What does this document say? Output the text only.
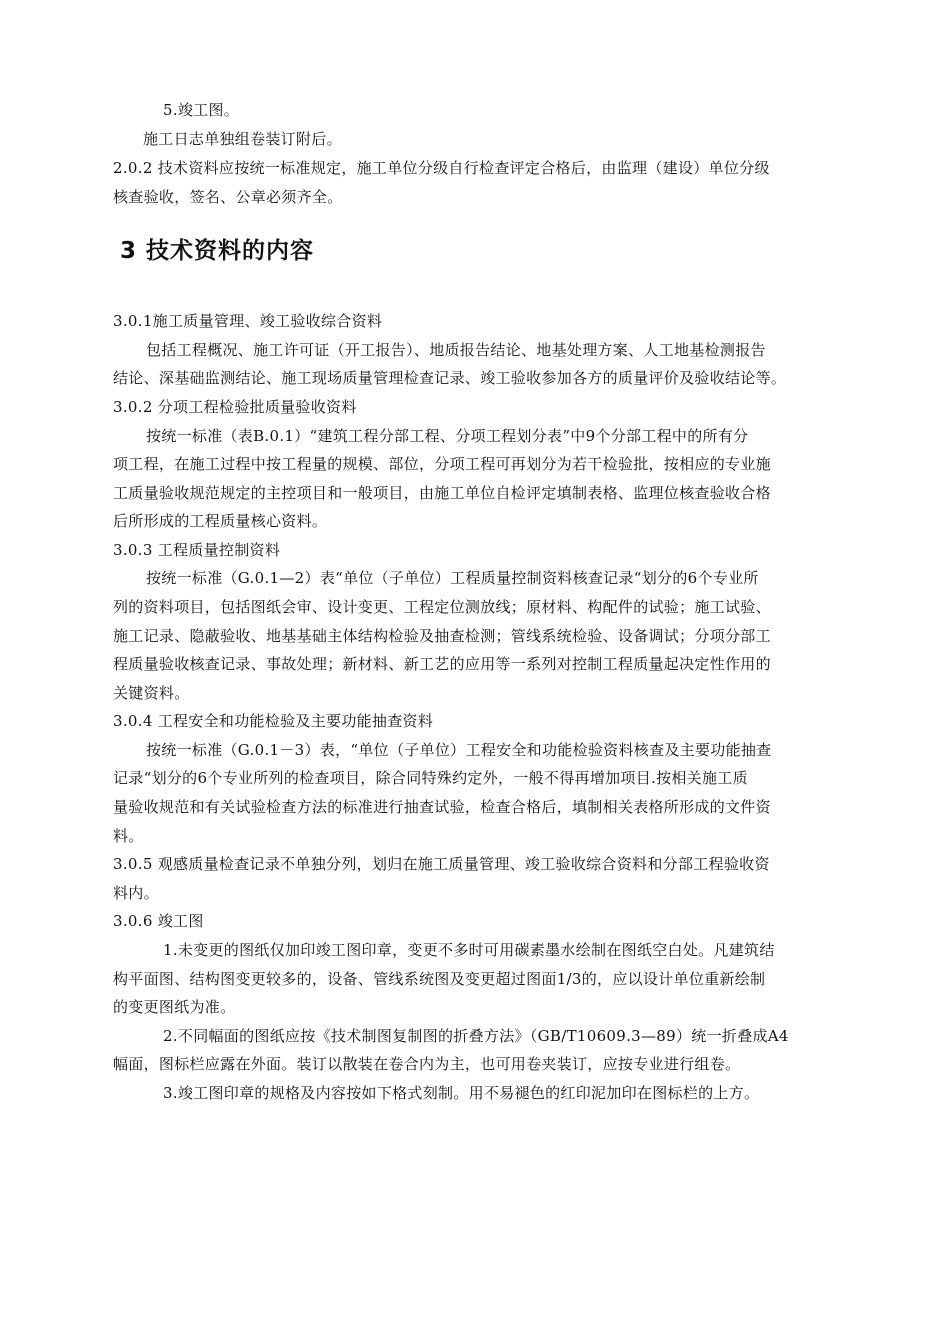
5.竣工图。
施工日志单独组卷装订附后。
2.0.2 技术资料应按统一标准规定，施工单位分级自行检查评定合格后，由监理（建设）单位分级
核查验收，签名、公章必须齐全。
3 技术资料的内容
3.0.1施工质量管理、竣工验收综合资料
包括工程概况、施工许可证（开工报告）、地质报告结论、地基处理方案、人工地基检测报告
结论、深基础监测结论、施工现场质量管理检查记录、竣工验收参加各方的质量评价及验收结论等。
3.0.2 分项工程检验批质量验收资料
按统一标准（表B.0.1）“建筑工程分部工程、分项工程划分表”中9个分部工程中的所有分
项工程，在施工过程中按工程量的规模、部位，分项工程可再划分为若干检验批，按相应的专业施
工质量验收规范规定的主控项目和一般项目，由施工单位自检评定填制表格、监理位核查验收合格
后所形成的工程质量核心资料。
3.0.3 工程质量控制资料
按统一标准（G.0.1—2）表“单位（子单位）工程质量控制资料核查记录“划分的6个专业所
列的资料项目，包括图纸会审、设计变更、工程定位测放线；原材料、构配件的试验；施工试验、
施工记录、隐蔽验收、地基基础主体结构检验及抽查检测；管线系统检验、设备调试；分项分部工
程质量验收核查记录、事故处理；新材料、新工艺的应用等一系列对控制工程质量起决定性作用的
关键资料。
3.0.4 工程安全和功能检验及主要功能抽查资料
按统一标准（G.0.1－3）表，“单位（子单位）工程安全和功能检验资料核查及主要功能抽查
记录“划分的6个专业所列的检查项目，除合同特殊约定外，一般不得再增加项目.按相关施工质
量验收规范和有关试验检查方法的标准进行抽查试验，检查合格后，填制相关表格所形成的文件资
料。
3.0.5 观感质量检查记录不单独分列，划归在施工质量管理、竣工验收综合资料和分部工程验收资
料内。
3.0.6 竣工图
1.未变更的图纸仅加印竣工图印章，变更不多时可用碳素墨水绘制在图纸空白处。凡建筑结
构平面图、结构图变更较多的，设备、管线系统图及变更超过图面1/3的，应以设计单位重新绘制
的变更图纸为准。
2.不同幅面的图纸应按《技术制图复制图的折叠方法》（GB/T10609.3—89）统一折叠成A4
幅面，图标栏应露在外面。装订以散装在卷合内为主，也可用卷夹装订，应按专业进行组卷。
3.竣工图印章的规格及内容按如下格式刻制。用不易褪色的红印泥加印在图标栏的上方。
